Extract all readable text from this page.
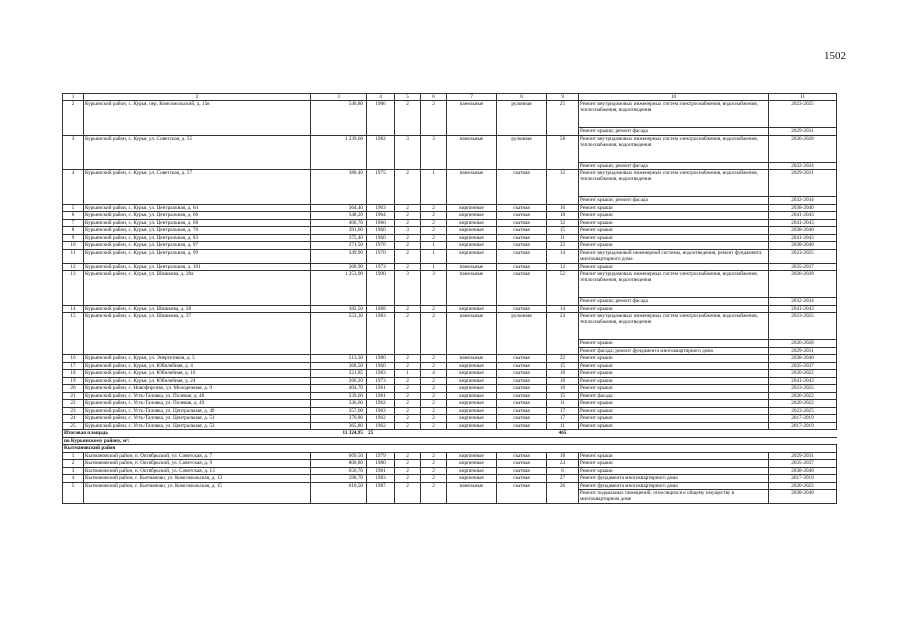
1502
1	2	3	4	5	6	7	8	9	10	11
2	Курьинский район, с. Курья, пер. Комсомольский, д. 15в	546,80	1986	2	2	панельные	рулонная	25	Ремонт внутридомовых инженерных систем электроснабжения, водоснабжения, теплоснабжения, водоотведения	2023-2025
									Ремонт крыши; ремонт фасада	2029-2031
3	Курьинский район, с. Курья, ул. Советская, д. 55	1 239,60	1982	3	3	панельные	рулонная	58	Ремонт внутридомовых инженерных систем электроснабжения, водоснабжения, теплоснабжения, водоотведения	2026-2028
									Ремонт крыши; ремонт фасада	2032-2034
4	Курьинский район, с. Курья, ул. Советская, д. 57	380,40	1975	2	1	панельные	скатная	12	Ремонт внутридомовых инженерных систем электроснабжения, водоснабжения, теплоснабжения, водоотведения	2029-2031
									Ремонт крыши; ремонт фасада	2032-2034
5	Курьинский район, с. Курья, ул. Центральная, д. 64	364,40	1963	2	2	кирпичные	скатная	16	Ремонт крыши	2038-2040
6	Курьинский район, с. Курья, ул. Центральная, д. 66	348,20	1964	2	2	кирпичные	скатная	18	Ремонт крыши	2041-2043
7	Курьинский район, с. Курья, ул. Центральная, д. 68	406,70	1960	2	2	кирпичные	скатная	12	Ремонт крыши	2041-2043
8	Курьинский район, с. Курья, ул. Центральная, д. 70	391,60	1960	3	2	кирпичные	скатная	15	Ремонт крыши	2038-2040
9	Курьинский район, с. Курья, ул. Центральная, д. 83	375,40	1960	2	2	кирпичные	скатная	11	Ремонт крыши	2041-2043
10	Курьинский район, с. Курья, ул. Центральная, д. 97	271,50	1976	2	1	кирпичные	скатная	22	Ремонт крыши	2038-2040
11	Курьинский район, с. Курья, ул. Центральная, д. 99	349,90	1970	2	1	кирпичные	скатная	14	Ремонт внутридомовой инженерной системы, водоотведения, ремонт фундамента многоквартирного дома	2023-2025
12	Курьинский район, с. Курья, ул. Центральная, д. 101	368,90	1973	2	1	панельные	скатная	12	Ремонт крыши	2035-2037
13	Курьинский район, с. Курья, ул. Шишкова, д. 28а	1 253,90	1990	3	3	панельные	скатная	52	Ремонт внутридомовых инженерных систем электроснабжения, водоснабжения, теплоснабжения, водоотведения	2026-2028
									Ремонт крыши; ремонт фасада	2032-2034
14	Курьинский район, с. Курья, ул. Шишкова, д. 28	382,50	1968	2	2	кирпичные	скатная	14	Ремонт крыши	2041-2043
15	Курьинский район, с. Курья, ул. Шишкова, д. 37	553,30	1983	2	2	панельные	рулонная	24	Ремонт внутридомовых инженерных систем электроснабжения, водоснабжения, теплоснабжения, водоотведения	2023-2025
									Ремонт крыши	2026-2028
									Ремонт фасада; ремонт фундамента многоквартирного дома	2029-2031
16	Курьинский район, с. Курья, ул. Энергетиков, д. 5	513,30	1980	2	2	панельные	скатная	22	Ремонт крыши	2038-2040
17	Курьинский район, с. Курья, ул. Юбилейная, д. 4	368,50	1960	2	2	кирпичные	скатная	15	Ремонт крыши	2035-2037
18	Курьинский район, с. Курья, ул. Юбилейная, д. 16	221,85	1983	1	4	кирпичные	скатная	10	Ремонт крыши	2020-2022
19	Курьинский район, с. Курья, ул. Юбилейная, д. 24	266,20	1973	2	2	кирпичные	скатная	10	Ремонт крыши	2041-2043
20	Курьинский район, с. Новофирсово, ул. Молодежная, д. 9	404,70	1961	2	2	кирпичные	скатная	10	Ремонт крыши	2023-2025
21	Курьинский район, с. Усть-Таловка, ул. Полевая, д. 48	339,60	1961	2	2	кирпичные	скатная	15	Ремонт фасада	2020-2022
22	Курьинский район, с. Усть-Таловка, ул. Полевая, д. 49	336,60	1962	2	2	кирпичные	скатная	11	Ремонт крыши	2020-2022
23	Курьинский район, с. Усть-Таловка, ул. Центральная, д. 49	357,00	1963	2	2	кирпичные	скатная	17	Ремонт крыши	2023-2025
24	Курьинский район, с. Усть-Таловка, ул. Центральная, д. 51	370,80	1962	2	2	кирпичные	скатная	17	Ремонт крыши	2017-2019
25	Курьинский район, с. Усть-Таловка, ул. Центральная, д. 53	365,80	1962	2	2	кирпичные	скатная	11	Ремонт крыши	2017-2019
Итоговая площадь		11 324,95	25					465		
по Курьинскому району, м²:										
Кытмановский район										
1	Кытмановский район, п. Октябрьский, ул. Советская, д. 7	669,50	1979	2	2	кирпичные	скатная	18	Ремонт крыши	2029-2031
2	Кытмановский район, п. Октябрьский, ул. Советская, д. 9	800,80	1980	2	2	кирпичные	скатная	24	Ремонт крыши	2035-2037
3	Кытмановский район, п. Октябрьский, ул. Советская, д. 13	650,70	1981	2	2	кирпичные	скатная	6	Ремонт крыши	2038-2040
4	Кытмановский район, с. Кытманово, ул. Комсомольская, д. 13	598,70	1983	2	2	кирпичные	скатная	27	Ремонт фундамента многоквартирного дома	2017-2019
5	Кытмановский район, с. Кытманово, ул. Комсомольская, д. 15	610,50	1987	2	2	панельные	скатная	26	Ремонт фундамента многоквартирного дома	2020-2022
									Ремонт подвальных помещений, относящихся к общему имуществу в многоквартирном доме	2038-2040
